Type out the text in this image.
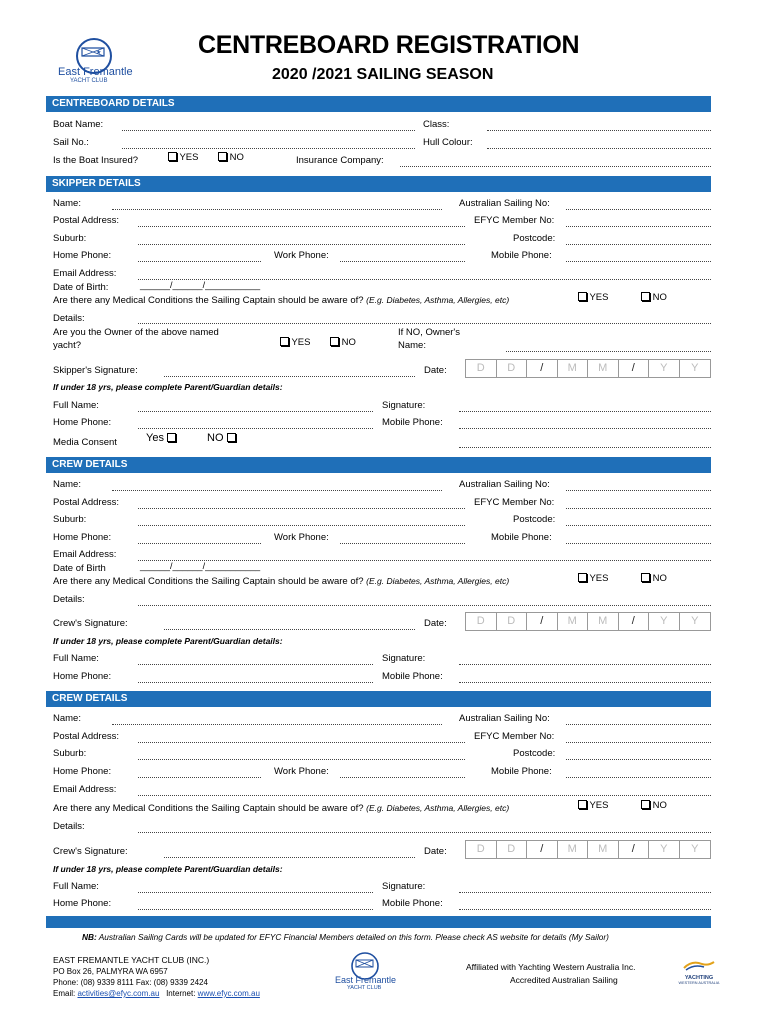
★
East Fremantle
YACHT CLUB
CENTREBOARD REGISTRATION
2020 /2021 SAILING SEASON
CENTREBOARD DETAILS
Boat Name:	Class:
Sail No.:	Hull Colour:
Is the Boat Insured?	YES	NO	Insurance Company:
SKIPPER DETAILS
Name:	Australian Sailing No:
Postal Address:	EFYC Member No:
Suburb:	Postcode:
Home Phone:	Work Phone:	Mobile Phone:
Email Address:
Date of Birth:	______/______/___________
Are there any Medical Conditions the Sailing Captain should be aware of? (E.g. Diabetes, Asthma, Allergies, etc)	YES	NO
Details:
Are you the Owner of the above named
yacht?	YES	NO
If NO, Owner's
Name:
Skipper's Signature:	Date:	D	D	/	M	M	/	Y	Y
If under 18 yrs, please complete Parent/Guardian details:
Full Name:	Signature:
Home Phone:	Mobile Phone:
Media Consent	Yes	NO
CREW DETAILS
Name:	Australian Sailing No:
Postal Address:	EFYC Member No:
Suburb:	Postcode:
Home Phone:	Work Phone:	Mobile Phone:
Email Address:
Date of Birth	______/______/___________
Are there any Medical Conditions the Sailing Captain should be aware of? (E.g. Diabetes, Asthma, Allergies, etc)	YES	NO
Details:
Crew's Signature:	Date:	D	D	/	M	M	/	Y	Y
If under 18 yrs, please complete Parent/Guardian details:
Full Name:	Signature:
Home Phone:	Mobile Phone:
CREW DETAILS
Name:	Australian Sailing No:
Postal Address:	EFYC Member No:
Suburb:	Postcode:
Home Phone:	Work Phone:	Mobile Phone:
Email Address:
Are there any Medical Conditions the Sailing Captain should be aware of? (E.g. Diabetes, Asthma, Allergies, etc)	YES	NO
Details:
Crew's Signature:	Date:	D	D	/	M	M	/	Y	Y
If under 18 yrs, please complete Parent/Guardian details:
Full Name:	Signature:
Home Phone:	Mobile Phone:
NB: Australian Sailing Cards will be updated for EFYC Financial Members detailed on this form. Please check AS website for details (My Sailor)
EAST FREMANTLE YACHT CLUB (INC.)
PO Box 26, PALMYRA WA 6957
Phone: (08) 9339 8111 Fax: (08) 9339 2424
Email: activities@efyc.com.au Internet: www.efyc.com.au
East Fremantle
YACHT CLUB
Affiliated with Yachting Western Australia Inc.
Accredited Australian Sailing	YACHTING
WESTERN AUSTRALIA
